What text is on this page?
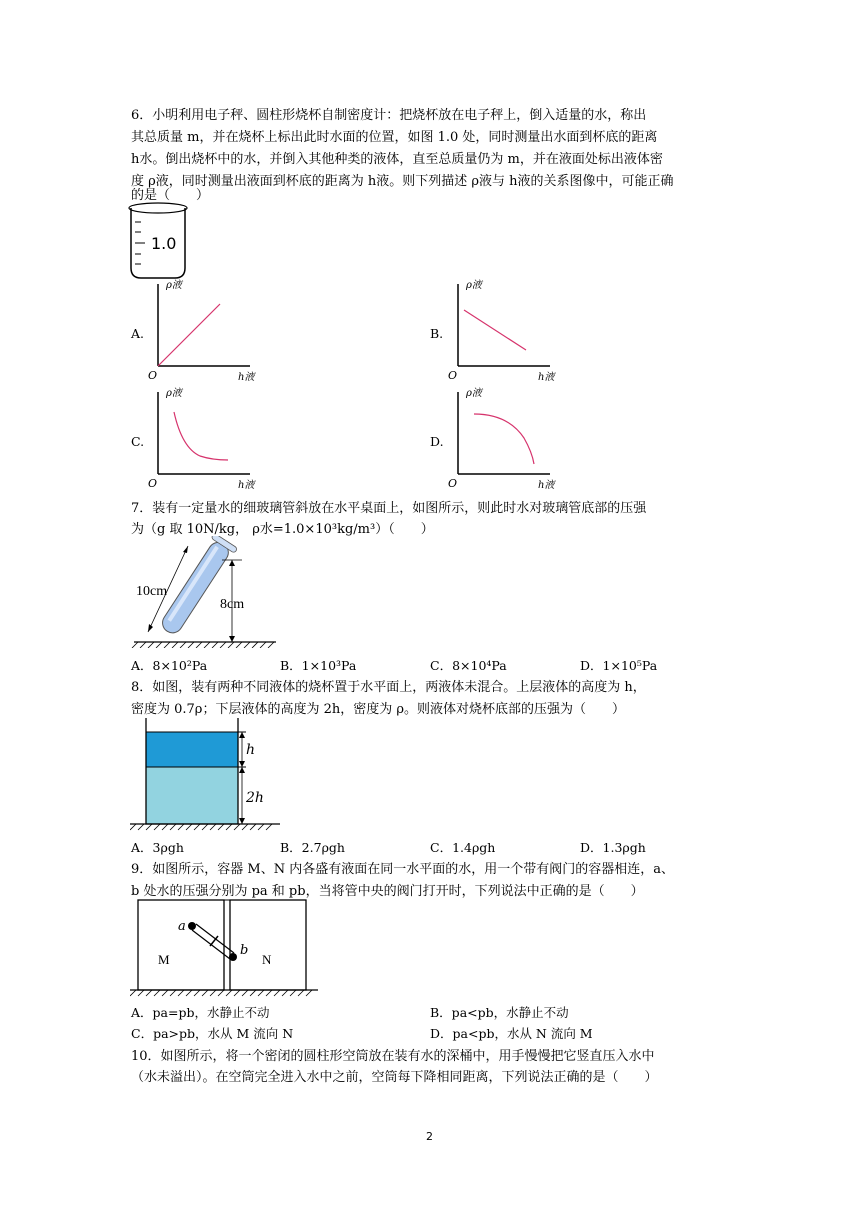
6．小明利用电子秤、圆柱形烧杯自制密度计：把烧杯放在电子秤上，倒入适量的水，称出
其总质量 m，并在烧杯上标出此时水面的位置，如图 1.0 处，同时测量出水面到杯底的距离
h水。倒出烧杯中的水，并倒入其他种类的液体，直至总质量仍为 m，并在液面处标出液体密
度 ρ液，同时测量出液面到杯底的距离为 h液。则下列描述 ρ液与 h液的关系图像中，可能正确
的是（　　）
1.0
A.
O
ρ液
h液
B.
O
ρ液
h液
C.
O
ρ液
h液
D.
O
ρ液
h液
7．装有一定量水的细玻璃管斜放在水平桌面上，如图所示，则此时水对玻璃管底部的压强
为（g 取 10N/kg， ρ水=1.0×10³kg/m³）（　　）
10cm
8cm
A．8×10²Pa	B．1×10³Pa	C．8×10⁴Pa	D．1×10⁵Pa
8．如图，装有两种不同液体的烧杯置于水平面上，两液体未混合。上层液体的高度为 h，
密度为 0.7ρ；下层液体的高度为 2h，密度为 ρ。则液体对烧杯底部的压强为（　　）
h
2h
A．3ρgh	B．2.7ρgh	C．1.4ρgh	D．1.3ρgh
9．如图所示，容器 M、N 内各盛有液面在同一水平面的水，用一个带有阀门的容器相连，a、
b 处水的压强分别为 pa 和 pb，当将管中央的阀门打开时，下列说法中正确的是（　　）
a
b
M	N
A．pa=pb，水静止不动	B．pa<pb，水静止不动
C．pa>pb，水从 M 流向 N	D．pa<pb，水从 N 流向 M
10．如图所示，将一个密闭的圆柱形空筒放在装有水的深桶中，用手慢慢把它竖直压入水中
（水未溢出）。在空筒完全进入水中之前，空筒每下降相同距离，下列说法正确的是（　　）
2
